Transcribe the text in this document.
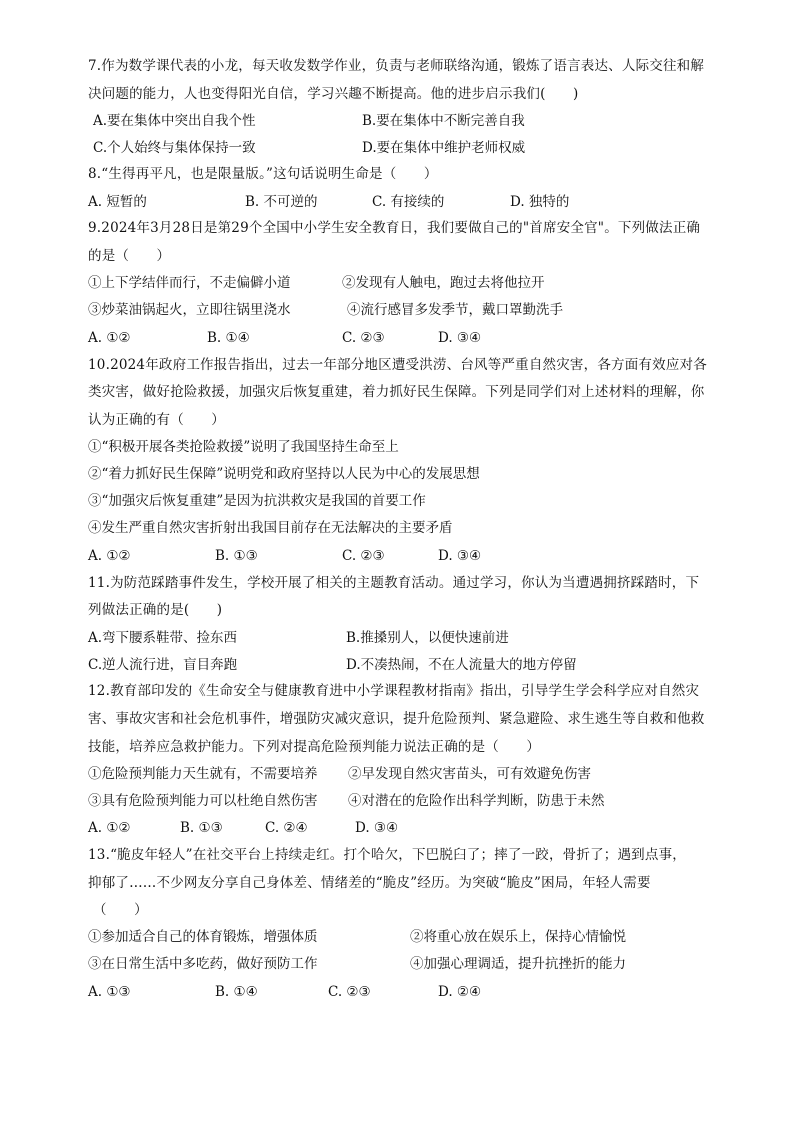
7.作为数学课代表的小龙，每天收发数学作业，负责与老师联络沟通，锻炼了语言表达、人际交往和解
决问题的能力，人也变得阳光自信，学习兴趣不断提高。他的进步启示我们(　　)
A.要在集体中突出自我个性	B.要在集体中不断完善自我
C.个人始终与集体保持一致	D.要在集体中维护老师权威
8.“生得再平凡，也是限量版。”这句话说明生命是（　　）
A. 短暂的	B. 不可逆的	C. 有接续的	D. 独特的
9.2024年3月28日是第29个全国中小学生安全教育日，我们要做自己的"首席安全官"。下列做法正确
的是（　　）
①上下学结伴而行，不走偏僻小道	②发现有人触电，跑过去将他拉开
③炒菜油锅起火，立即往锅里浇水	④流行感冒多发季节，戴口罩勤洗手
A. ①②	B. ①④	C. ②③	D. ③④
10.2024年政府工作报告指出，过去一年部分地区遭受洪涝、台风等严重自然灾害，各方面有效应对各
类灾害，做好抢险救援，加强灾后恢复重建，着力抓好民生保障。下列是同学们对上述材料的理解，你
认为正确的有（　　）
①“积极开展各类抢险救援”说明了我国坚持生命至上
②“着力抓好民生保障”说明党和政府坚持以人民为中心的发展思想
③“加强灾后恢复重建”是因为抗洪救灾是我国的首要工作
④发生严重自然灾害折射出我国目前存在无法解决的主要矛盾
A. ①②	B. ①③	C. ②③	D. ③④
11.为防范踩踏事件发生，学校开展了相关的主题教育活动。通过学习，你认为当遭遇拥挤踩踏时，下
列做法正确的是(　　)
A.弯下腰系鞋带、捡东西	B.推搡别人，以便快速前进
C.逆人流行进，盲目奔跑	D.不凑热闹，不在人流量大的地方停留
12.教育部印发的《生命安全与健康教育进中小学课程教材指南》指出，引导学生学会科学应对自然灾
害、事故灾害和社会危机事件，增强防灾减灾意识，提升危险预判、紧急避险、求生逃生等自救和他救
技能，培养应急救护能力。下列对提高危险预判能力说法正确的是（　　）
①危险预判能力天生就有，不需要培养 ②早发现自然灾害苗头，可有效避免伤害
③具有危险预判能力可以杜绝自然伤害 ④对潜在的危险作出科学判断，防患于未然
A. ①②	B. ①③	C. ②④	D. ③④
13.“脆皮年轻人”在社交平台上持续走红。打个哈欠，下巴脱臼了；摔了一跤，骨折了；遇到点事，
抑郁了……不少网友分享自己身体差、情绪差的“脆皮”经历。为突破“脆皮”困局，年轻人需要
（　　）
①参加适合自己的体育锻炼，增强体质	②将重心放在娱乐上，保持心情愉悦
③在日常生活中多吃药，做好预防工作	④加强心理调适，提升抗挫折的能力
A. ①③	B. ①④	C. ②③	D. ②④
